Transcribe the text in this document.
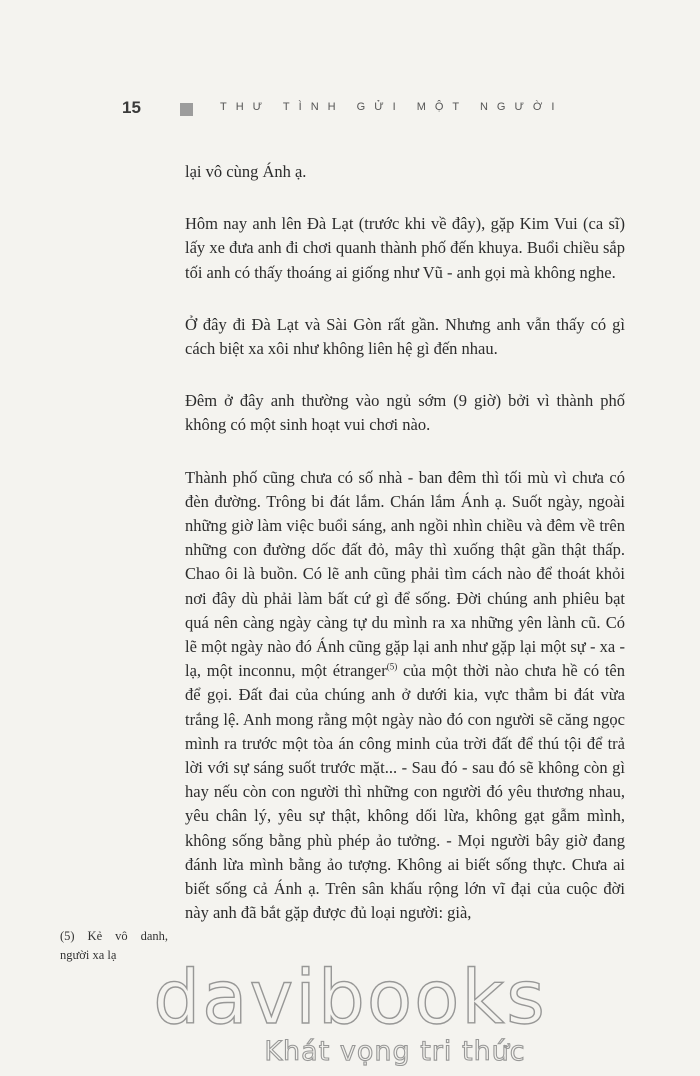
15	THƯ TÌNH GỬI MỘT NGƯỜI

lại vô cùng Ánh ạ.

Hôm nay anh lên Đà Lạt (trước khi về đây), gặp Kim Vui (ca sĩ) lấy xe đưa anh đi chơi quanh thành phố đến khuya. Buổi chiều sắp tối anh có thấy thoáng ai giống như Vũ - anh gọi mà không nghe.

Ở đây đi Đà Lạt và Sài Gòn rất gần. Nhưng anh vẫn thấy có gì cách biệt xa xôi như không liên hệ gì đến nhau.

Đêm ở đây anh thường vào ngủ sớm (9 giờ) bởi vì thành phố không có một sinh hoạt vui chơi nào.

Thành phố cũng chưa có số nhà - ban đêm thì tối mù vì chưa có đèn đường. Trông bi đát lắm. Chán lắm Ánh ạ. Suốt ngày, ngoài những giờ làm việc buổi sáng, anh ngồi nhìn chiều và đêm về trên những con đường dốc đất đỏ, mây thì xuống thật gần thật thấp. Chao ôi là buồn. Có lẽ anh cũng phải tìm cách nào để thoát khỏi nơi đây dù phải làm bất cứ gì để sống. Đời chúng anh phiêu bạt quá nên càng ngày càng tự du mình ra xa những yên lành cũ. Có lẽ một ngày nào đó Ánh cũng gặp lại anh như gặp lại một sự - xa - lạ, một inconnu, một étranger$^{(5)}$ của một thời nào chưa hề có tên để gọi. Đất đai của chúng anh ở dưới kia, vực thẳm bi đát vừa trắng lệ. Anh mong rằng một ngày nào đó con người sẽ căng ngọc mình ra trước một tòa án công minh của trời đất để thú tội để trả lời với sự sáng suốt trước mặt... - Sau đó - sau đó sẽ không còn gì hay nếu còn con người thì những con người đó yêu thương nhau, yêu chân lý, yêu sự thật, không dối lừa, không gạt gẫm mình, không sống bằng phù phép ảo tưởng. - Mọi người bây giờ đang đánh lừa mình bằng ảo tượng. Không ai biết sống thực. Chưa ai biết sống cả Ánh ạ. Trên sân khấu rộng lớn vĩ đại của cuộc đời này anh đã bắt gặp được đủ loại người: già,

(5) Kẻ vô danh,
người xa lạ davibooks
Khát vọng tri thức
